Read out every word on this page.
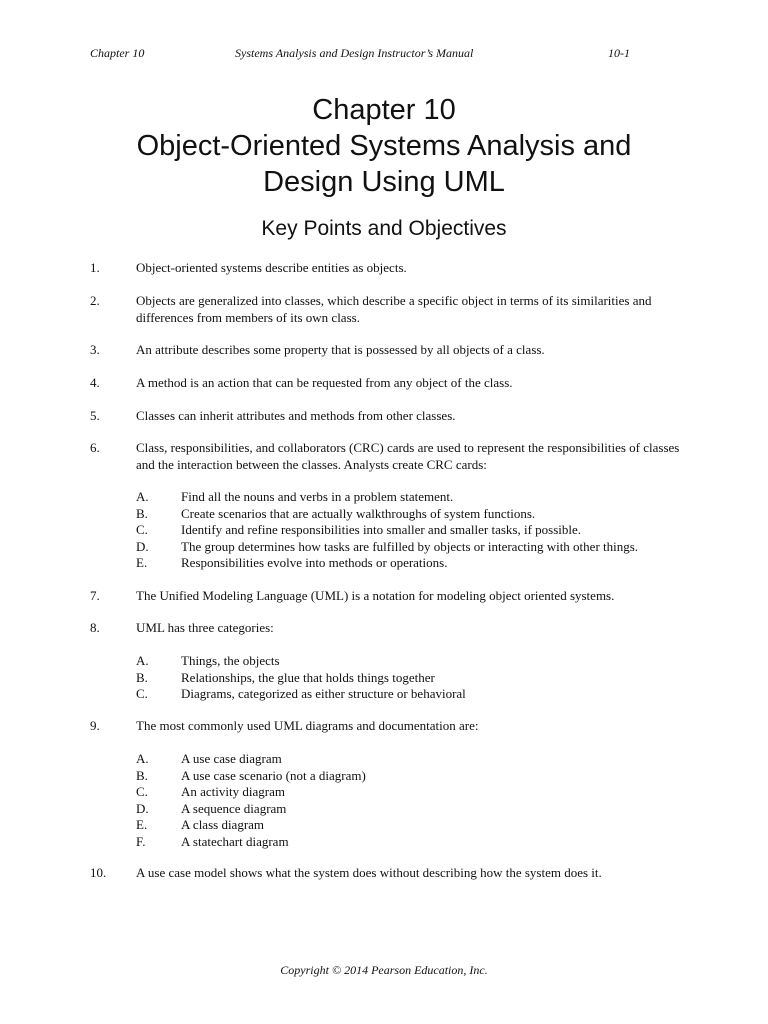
Chapter 10	Systems Analysis and Design Instructor’s Manual	10-1
Chapter 10
Object-Oriented Systems Analysis and
Design Using UML
Key Points and Objectives
1.	Object-oriented systems describe entities as objects.
2.	Objects are generalized into classes, which describe a specific object in terms of its similarities and differences from members of its own class.
3.	An attribute describes some property that is possessed by all objects of a class.
4.	A method is an action that can be requested from any object of the class.
5.	Classes can inherit attributes and methods from other classes.
6.	Class, responsibilities, and collaborators (CRC) cards are used to represent the responsibilities of classes and the interaction between the classes. Analysts create CRC cards:
A. Find all the nouns and verbs in a problem statement.
B.	Create scenarios that are actually walkthroughs of system functions.
C.	Identify and refine responsibilities into smaller and smaller tasks, if possible.
D. The group determines how tasks are fulfilled by objects or interacting with other things.
E.	Responsibilities evolve into methods or operations.
7.	The Unified Modeling Language (UML) is a notation for modeling object oriented systems.
8.	UML has three categories:
A. Things, the objects
B.	Relationships, the glue that holds things together
C.	Diagrams, categorized as either structure or behavioral
9.	The most commonly used UML diagrams and documentation are:
A. A use case diagram
B.	A use case scenario (not a diagram)
C.	An activity diagram
D. A sequence diagram
E.	A class diagram
F.	A statechart diagram
10. A use case model shows what the system does without describing how the system does it.
Copyright © 2014 Pearson Education, Inc.
